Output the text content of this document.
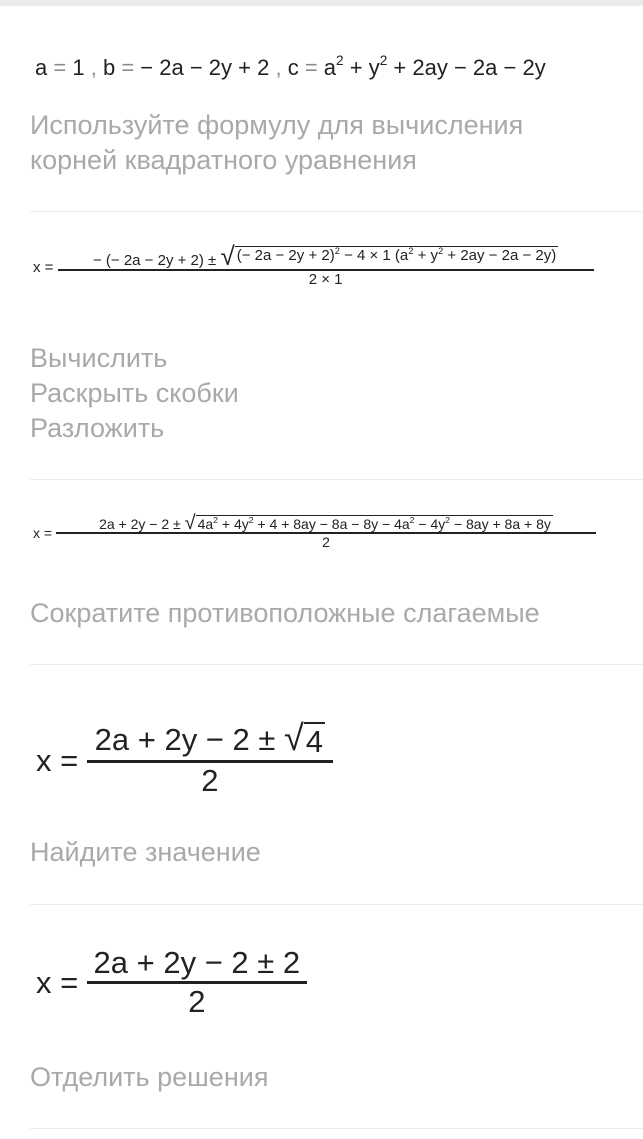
a = 1 , b = − 2a − 2y + 2 , $c = a^2 + y^2 + 2ay - 2a - 2y$
Используйте формулу для вычисления корней квадратного уравнения
x =	− (− 2a − 2y + 2) ± √ (− 2a − 2y + 2)$^2$ − 4 × 1 $(a^2 + y^2 + 2ay - 2a - 2y)$
2 × 1
Вычислить
Раскрыть скобки
Разложить
x =
2a + 2y − 2 ± √ $4a^2 + 4y^2 + 4 + 8ay - 8a - 8y - 4a^2 - 4y^2 - 8ay + 8a + 8y$
2
Сократите противоположные слагаемые
$x = \frac{2a + 2y - 2 \pm √ 4}{2}$
Найдите значение
$x = \frac{2a + 2y - 2 \pm 2}{2}$
Отделить решения
